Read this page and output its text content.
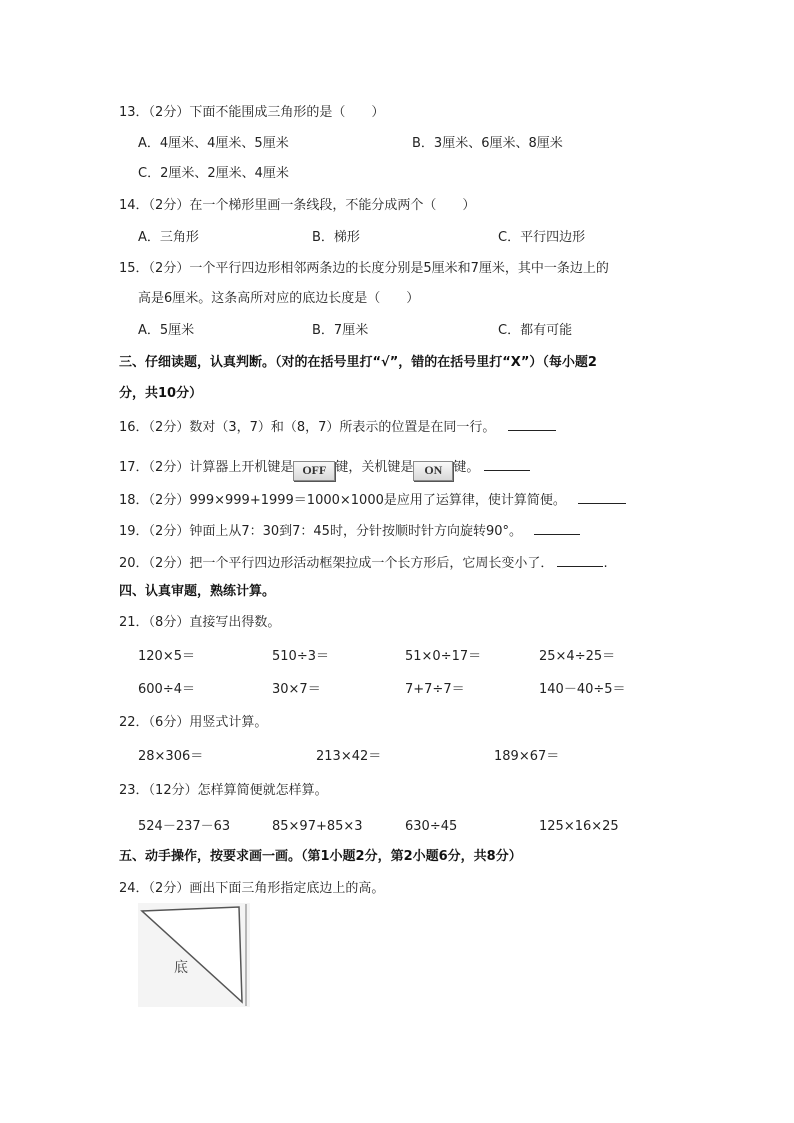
13．（2分）下面不能围成三角形的是（　　）
A．4厘米、4厘米、5厘米	B．3厘米、6厘米、8厘米
C．2厘米、2厘米、4厘米
14．（2分）在一个梯形里画一条线段，不能分成两个（　　）
A．三角形	B．梯形	C．平行四边形
15．（2分）一个平行四边形相邻两条边的长度分别是5厘米和7厘米，其中一条边上的
高是6厘米。这条高所对应的底边长度是（　　）
A．5厘米	B．7厘米	C．都有可能
三、仔细读题，认真判断。（对的在括号里打“√”，错的在括号里打“X”）（每小题2
分，共10分）
16．（2分）数对（3，7）和（8，7）所表示的位置是在同一行。
17．（2分）计算器上开机键是 OFF 键，关机键是 ON 键。
18．（2分）999×999+1999＝1000×1000是应用了运算律，使计算简便。
19．（2分）钟面上从7：30到7：45时，分针按顺时针方向旋转90°。
20．（2分）把一个平行四边形活动框架拉成一个长方形后，它周长变小了．	.
四、认真审题，熟练计算。
21．（8分）直接写出得数。
120×5＝	510÷3＝	51×0÷17＝	25×4÷25＝
600÷4＝	30×7＝	7+7÷7＝	140－40÷5＝
22．（6分）用竖式计算。
28×306＝	213×42＝	189×67＝
23．（12分）怎样算简便就怎样算。
524－237－63	85×97+85×3	630÷45	125×16×25
五、动手操作，按要求画一画。（第1小题2分，第2小题6分，共8分）
24．（2分）画出下面三角形指定底边上的高。
底
